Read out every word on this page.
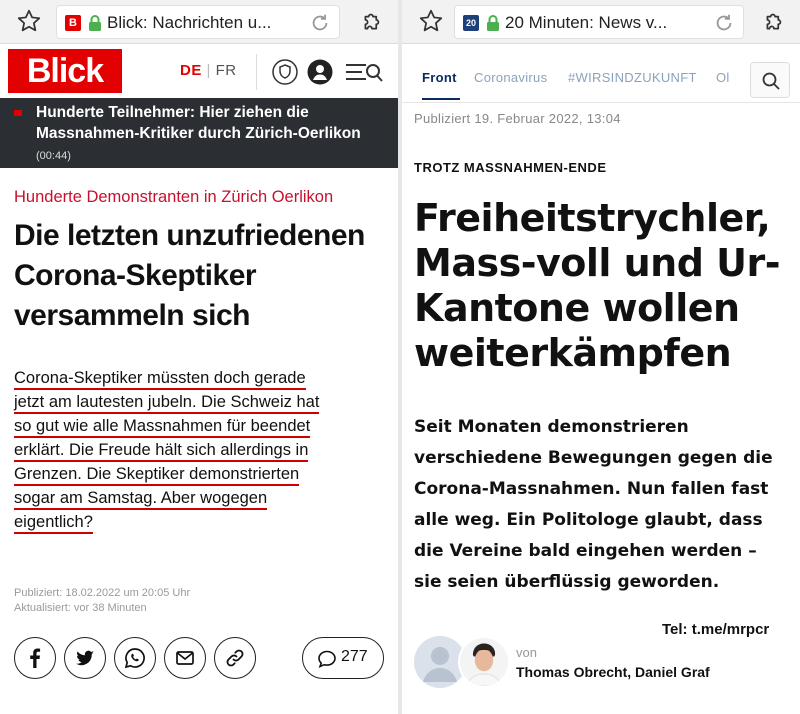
B Blick: Nachrichten u...
Blick	DE | FR
Hunderte Teilnehmer: Hier ziehen die Massnahmen-Kritiker durch Zürich-Oerlikon (00:44)
Hunderte Demonstranten in Zürich Oerlikon
Die letzten unzufriedenen Corona-Skeptiker versammeln sich
Corona-Skeptiker müssten doch gerade
jetzt am lautesten jubeln. Die Schweiz hat
so gut wie alle Massnahmen für beendet
erklärt. Die Freude hält sich allerdings in
Grenzen. Die Skeptiker demonstrierten
sogar am Samstag. Aber wogegen
eigentlich?
Publiziert: 18.02.2022 um 20:05 Uhr
Aktualisiert: vor 38 Minuten
277
20 20 Minuten: News v...
Front Coronavirus #WIRSINDZUKUNFT Ol
Publiziert 19. Februar 2022, 13:04
TROTZ MASSNAHMEN-ENDE
Freiheitstrychler,
Mass-voll und Ur-
Kantone wollen
weiterkämpfen
Seit Monaten demonstrieren
verschiedene Bewegungen gegen die
Corona-Massnahmen. Nun fallen fast
alle weg. Ein Politologe glaubt, dass
die Vereine bald eingehen werden –
sie seien überflüssig geworden.
Tel: t.me/mrpcr
von
Thomas Obrecht, Daniel Graf
